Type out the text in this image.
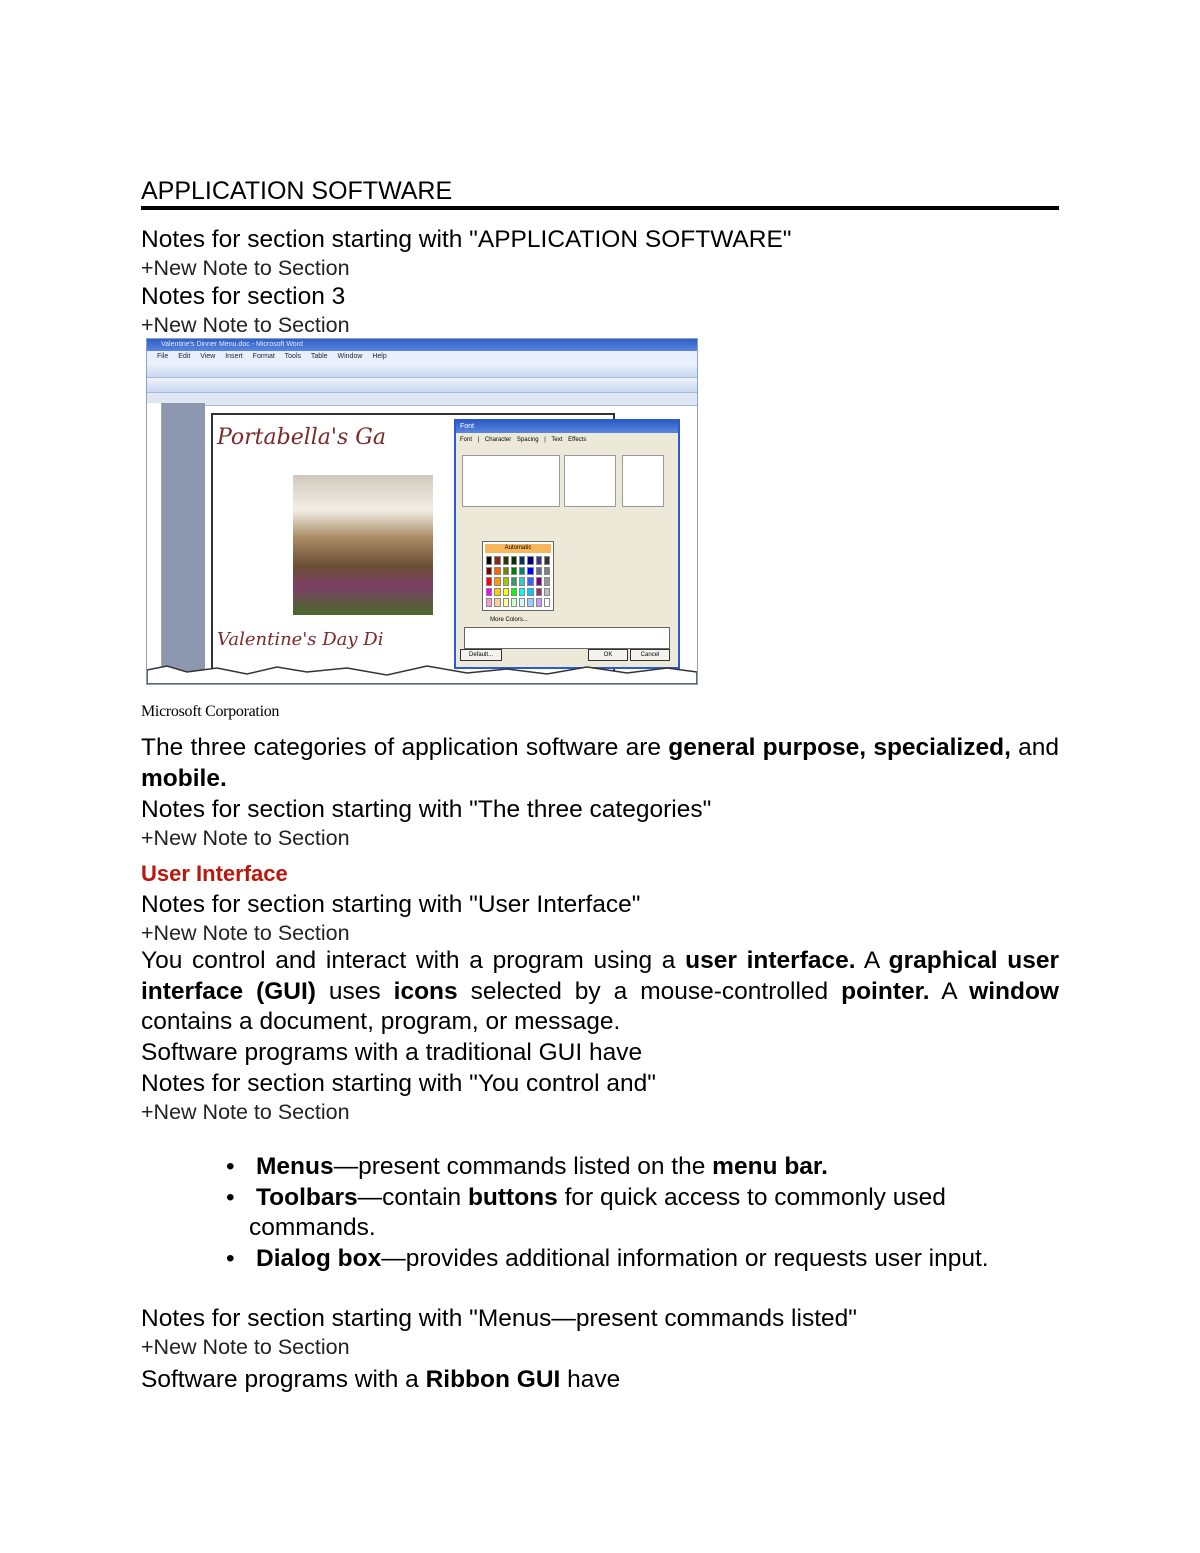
APPLICATION SOFTWARE
Notes for section starting with "APPLICATION SOFTWARE"
+New Note to Section
Notes for section 3
+New Note to Section
Valentine's Dinner Menu.doc - Microsoft Word
File Edit View Insert Format Tools Table Window Help
Portabella's Ga
Valentine's Day Di
Font
Font | Character Spacing | Text Effects
Automatic
More Colors...
Default...	OK	Cancel
Microsoft Corporation
The three categories of application software are general purpose, specialized, and mobile.
Notes for section starting with "The three categories"
+New Note to Section
User Interface
Notes for section starting with "User Interface"
+New Note to Section
You control and interact with a program using a user interface. A graphical user interface (GUI) uses icons selected by a mouse-controlled pointer. A window contains a document, program, or message.
Software programs with a traditional GUI have
Notes for section starting with "You control and"
+New Note to Section
• Menus—present commands listed on the menu bar.
• Toolbars—contain buttons for quick access to commonly used
commands.
• Dialog box—provides additional information or requests user input.
Notes for section starting with "Menus—present commands listed"
+New Note to Section
Software programs with a Ribbon GUI have
